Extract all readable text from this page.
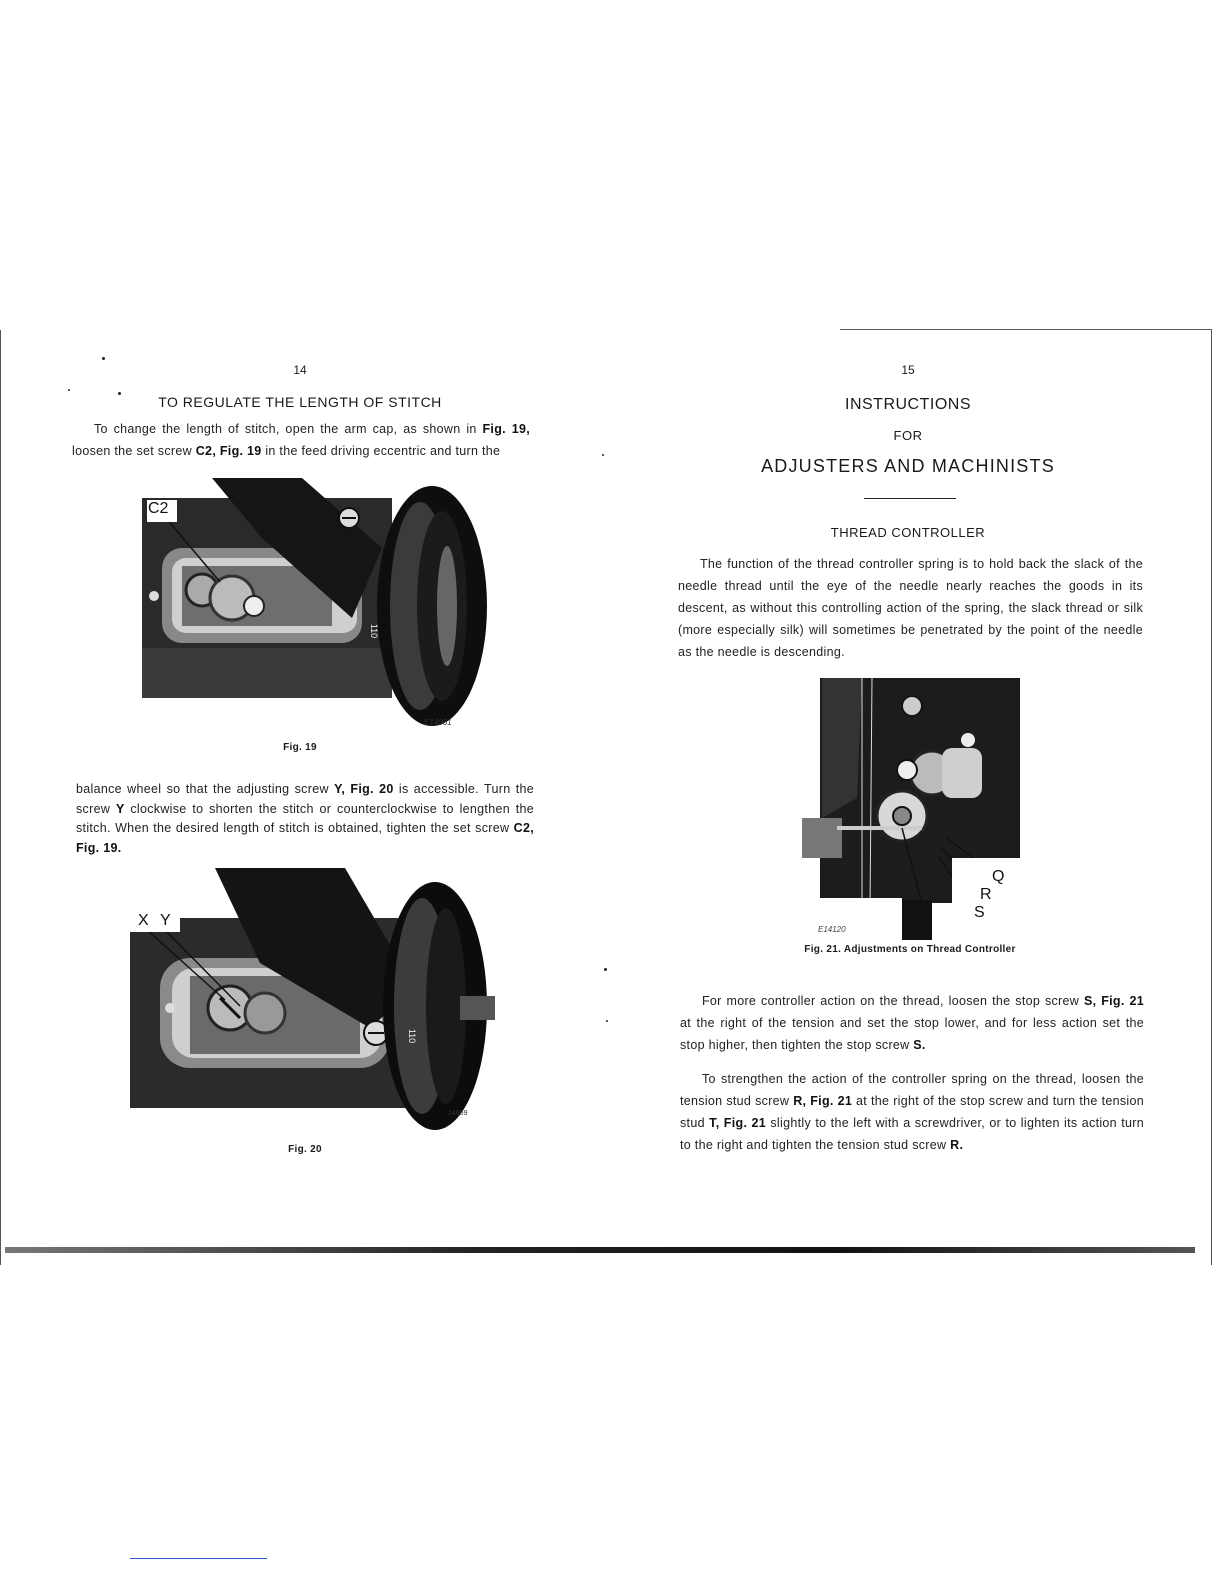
14
TO REGULATE THE LENGTH OF STITCH
To change the length of stitch, open the arm cap, as shown in Fig. 19, loosen the set screw C2, Fig. 19 in the feed driving eccentric and turn the
C2
110
E14061
Fig. 19
balance wheel so that the adjusting screw Y, Fig. 20 is accessible. Turn the screw Y clockwise to shorten the stitch or counterclockwise to lengthen the stitch. When the desired length of stitch is obtained, tighten the set screw C2, Fig. 19.
X Y
110
14059
Fig. 20
15
INSTRUCTIONS
FOR
ADJUSTERS AND MACHINISTS
THREAD CONTROLLER
The function of the thread controller spring is to hold back the slack of the needle thread until the eye of the needle nearly reaches the goods in its descent, as without this controlling action of the spring, the slack thread or silk (more especially silk) will sometimes be penetrated by the point of the needle as the needle is descending.
Q
R
S
T
E14120
Fig. 21. Adjustments on Thread Controller
For more controller action on the thread, loosen the stop screw S, Fig. 21 at the right of the tension and set the stop lower, and for less action set the stop higher, then tighten the stop screw S.
To strengthen the action of the controller spring on the thread, loosen the tension stud screw R, Fig. 21 at the right of the stop screw and turn the tension stud T, Fig. 21 slightly to the left with a screwdriver, or to lighten its action turn to the right and tighten the tension stud screw R.
